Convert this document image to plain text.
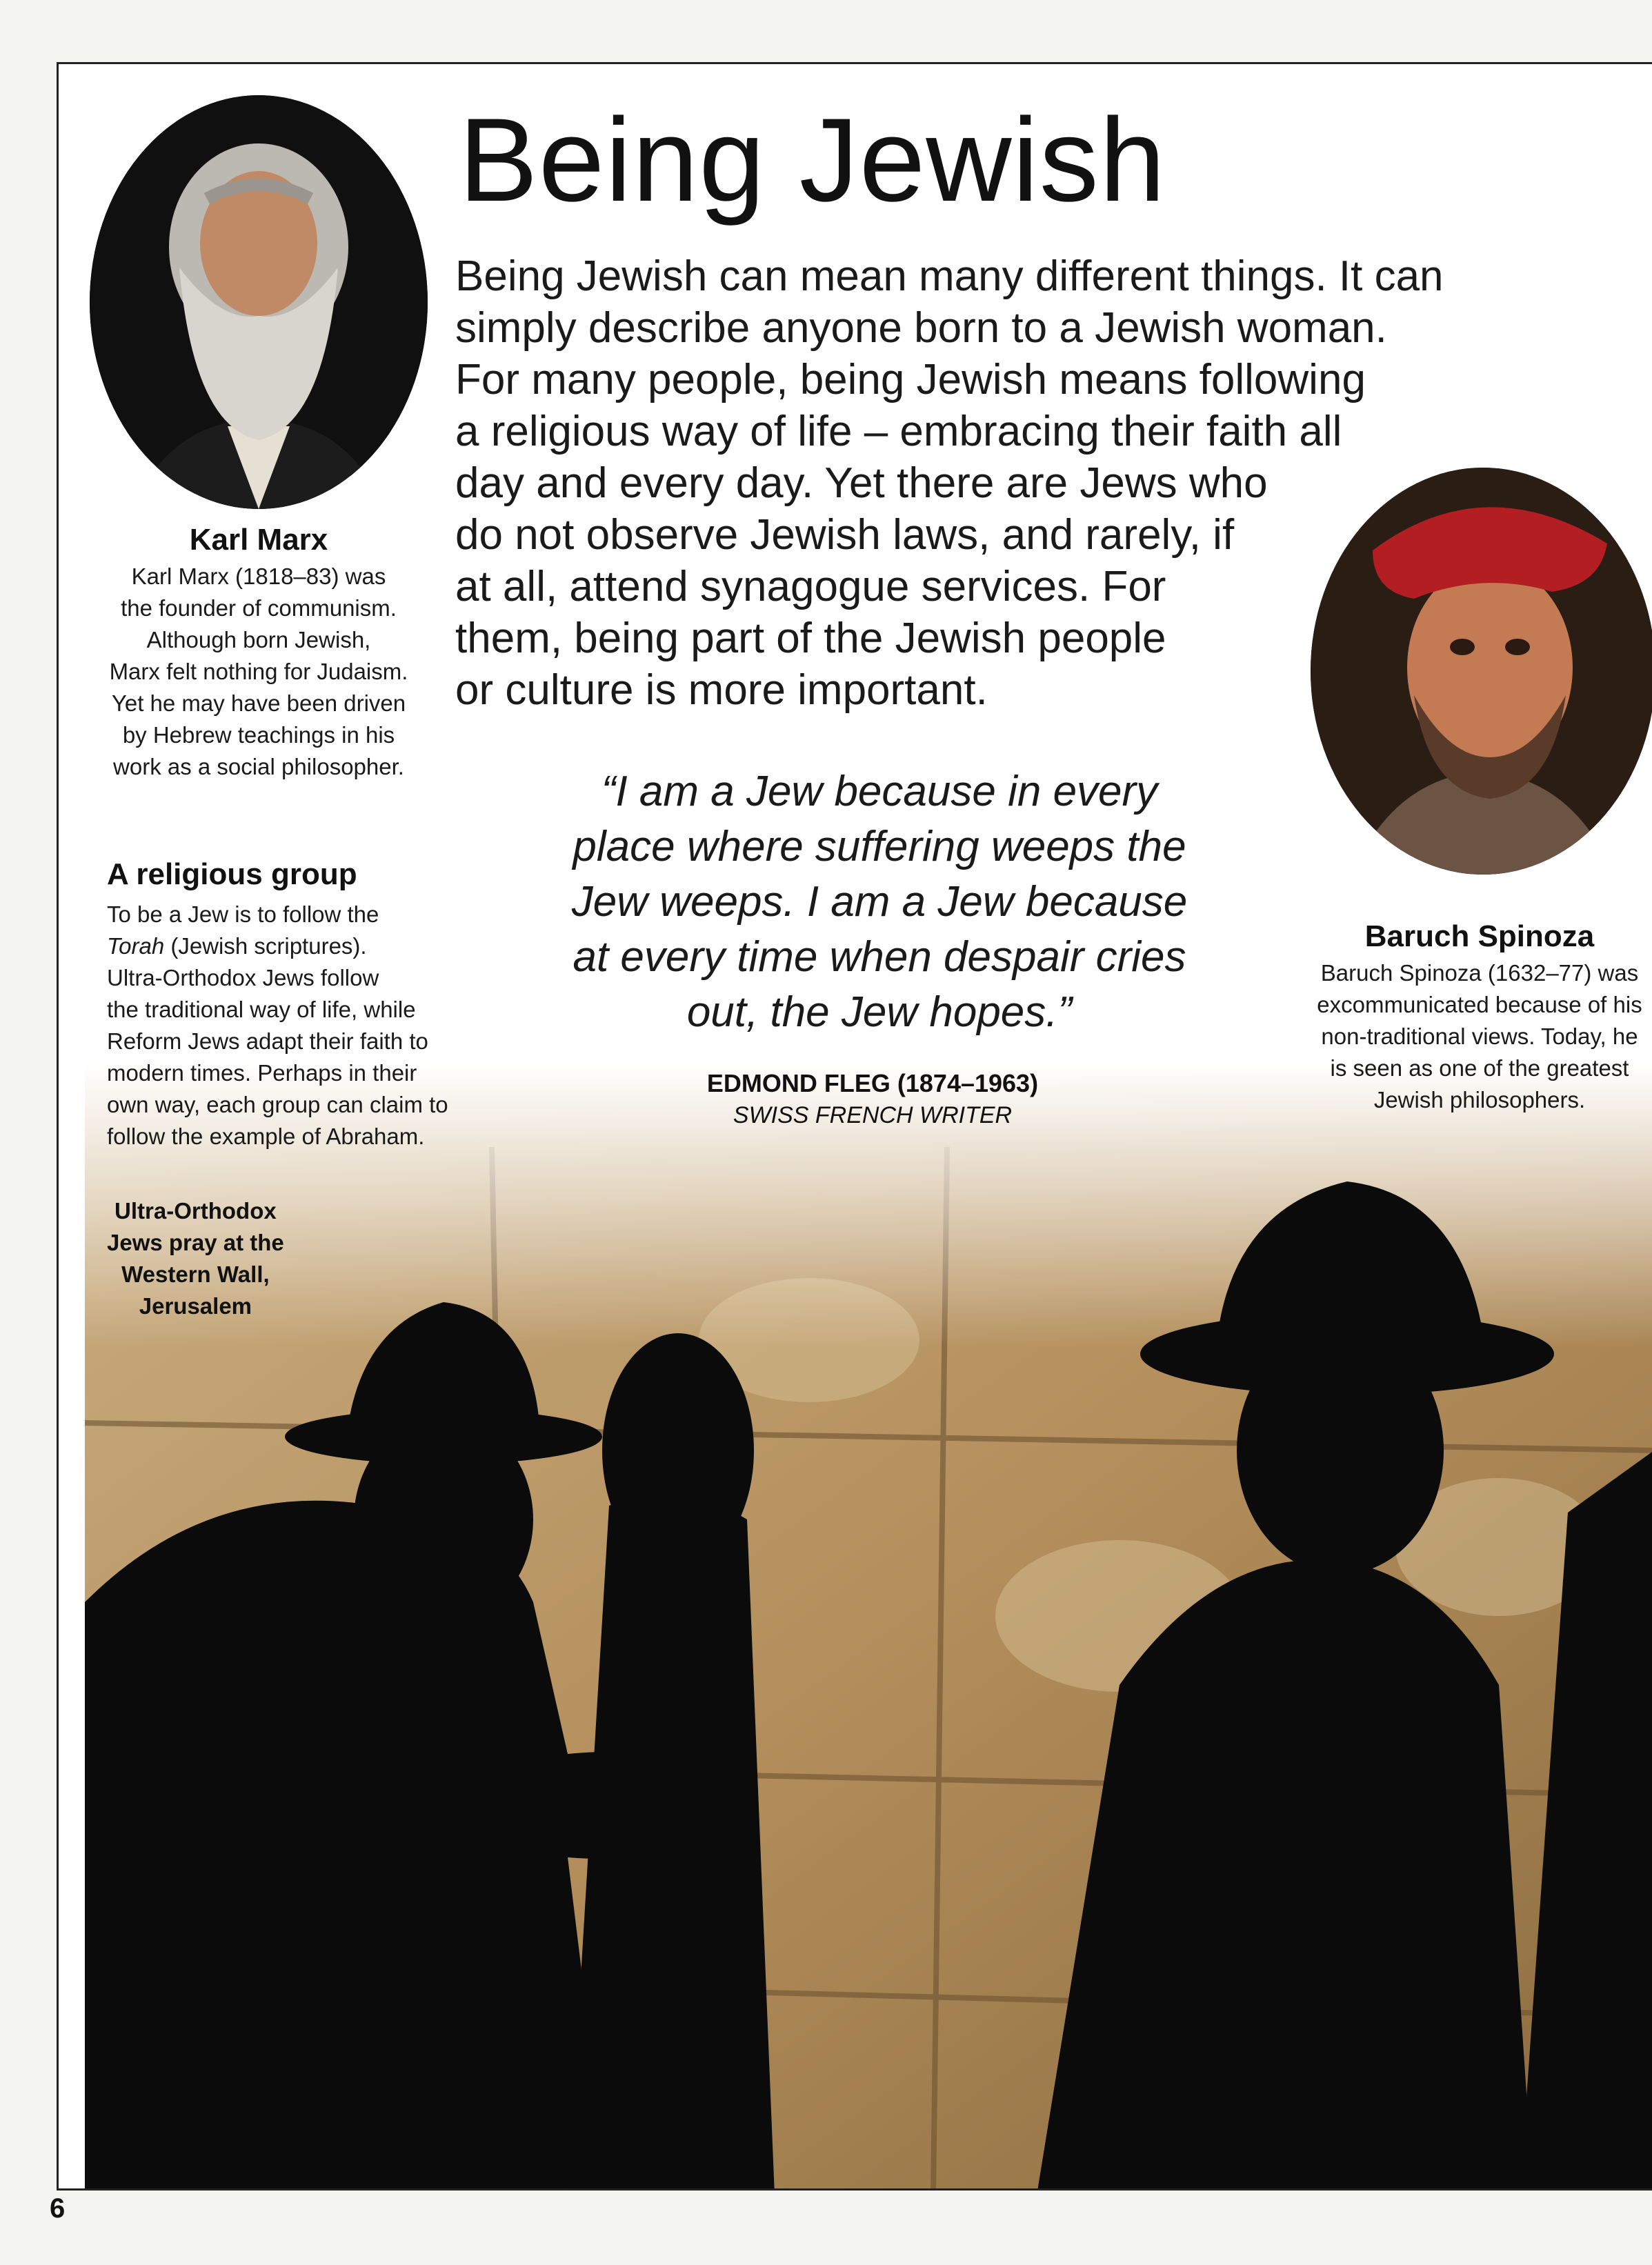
Being Jewish

Being Jewish can mean many different things. It can
simply describe anyone born to a Jewish woman.
For many people, being Jewish means following
a religious way of life – embracing their faith all
day and every day. Yet there are Jews who
do not observe Jewish laws, and rarely, if
at all, attend synagogue services. For
them, being part of the Jewish people
or culture is more important.

Karl Marx

Karl Marx (1818–83) was
the founder of communism.
Although born Jewish,
Marx felt nothing for Judaism.
Yet he may have been driven
by Hebrew teachings in his
work as a social philosopher.

A religious group

To be a Jew is to follow the
Torah (Jewish scriptures).
Ultra-Orthodox Jews follow
the traditional way of life, while
Reform Jews adapt their faith to
modern times. Perhaps in their
own way, each group can claim to
follow the example of Abraham.

“I am a Jew because in every
place where suffering weeps the
Jew weeps. I am a Jew because
at every time when despair cries
out, the Jew hopes.”

EDMOND FLEG (1874–1963)

SWISS FRENCH WRITER

Baruch Spinoza

Baruch Spinoza (1632–77) was
excommunicated because of his
non-traditional views. Today, he
is seen as one of the greatest
Jewish philosophers.

Ultra-Orthodox
Jews pray at the
Western Wall,
Jerusalem

6
